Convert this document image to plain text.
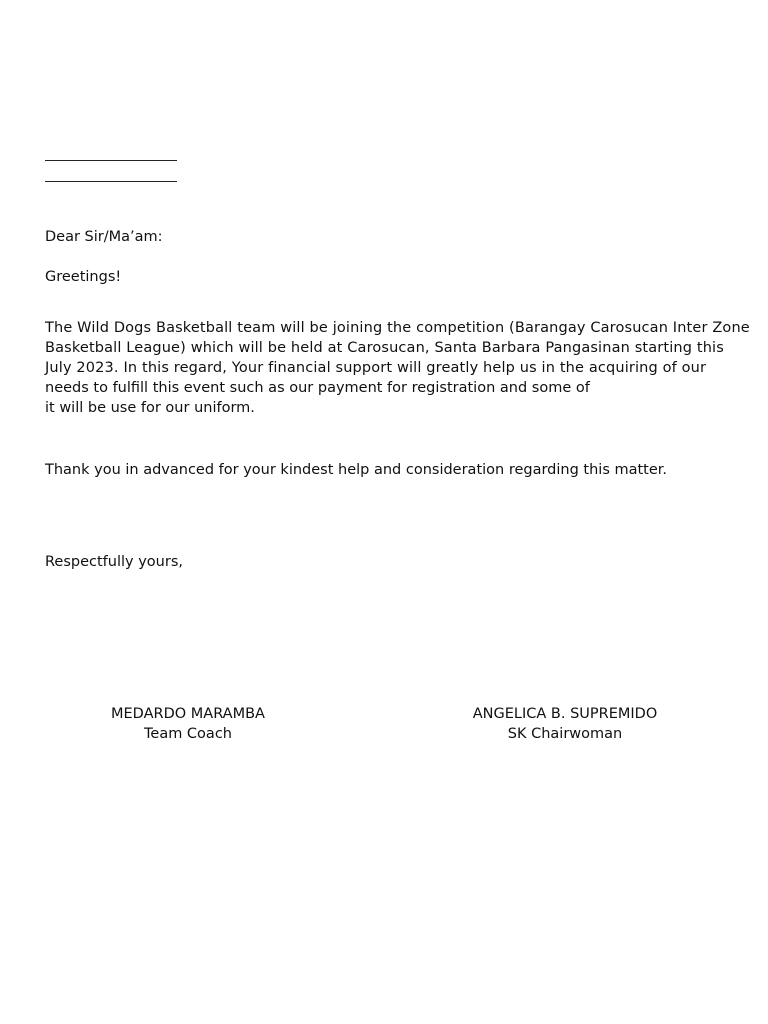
Dear Sir/Ma’am:
Greetings!
The Wild Dogs Basketball team will be joining the competition (Barangay Carosucan Inter Zone
Basketball League) which will be held at Carosucan, Santa Barbara Pangasinan starting this
July 2023. In this regard, Your financial support will greatly help us in the acquiring of our
needs to fulfill this event such as our payment for registration and some of
it will be use for our uniform.
Thank you in advanced for your kindest help and consideration regarding this matter.
Respectfully yours,
MEDARDO MARAMBA
Team Coach
ANGELICA B. SUPREMIDO
SK Chairwoman
